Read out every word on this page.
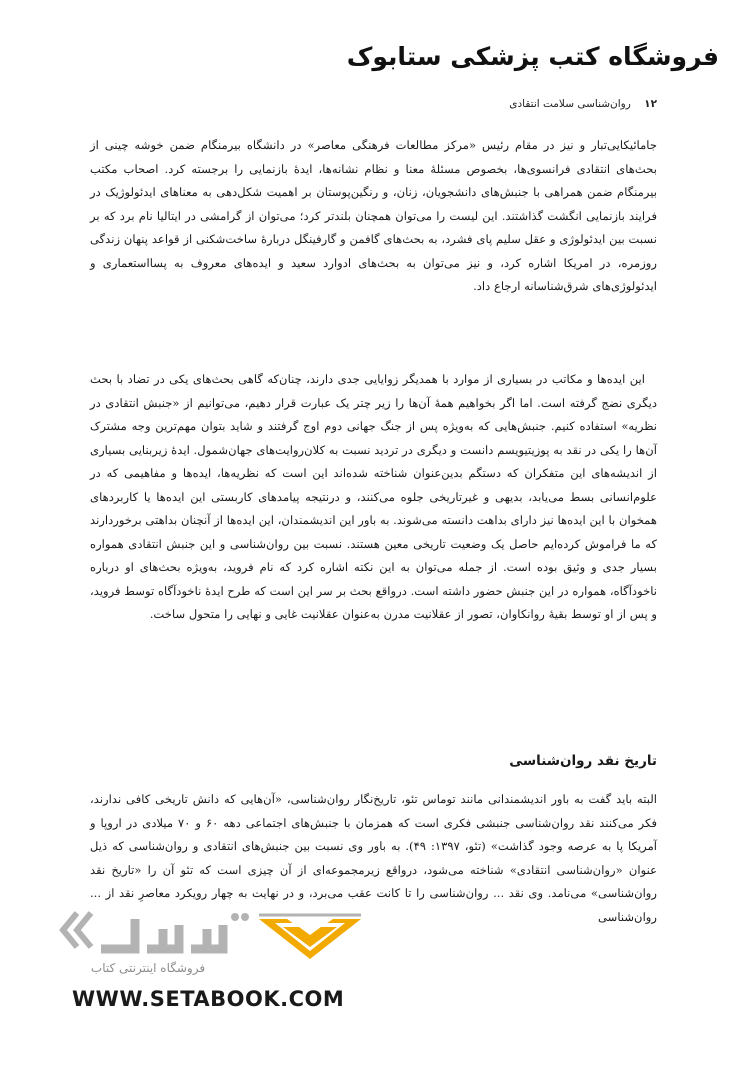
فروشگاه کتب پزشکی ستابوک
۱۲ روان‌شناسی سلامت انتقادی

جامائیکایی‌تبار و نیز در مقام رئیس «مرکز مطالعات فرهنگی معاصر» در دانشگاه بیرمنگام ضمن خوشه چینی از بحث‌های انتقادی فرانسوی‌ها، بخصوص مسئلهٔ معنا و نظام نشانه‌ها، ایدهٔ بازنمایی را برجسته کرد. اصحاب مکتب بیرمنگام ضمن همراهی با جنبش‌های دانشجویان، زنان، و رنگین‌پوستان بر اهمیت شکل‌دهی به معناهای ایدئولوژیک در فرایند بازنمایی انگشت گذاشتند. این لیست را می‌توان همچنان بلندتر کرد؛ می‌توان از گرامشی در ایتالیا نام برد که بر نسبت بین ایدئولوژی و عقل سلیم پای فشرد، به بحث‌های گافمن و گارفینگل دربارهٔ ساخت‌شکنی از قواعد پنهان زندگی روزمره، در امریکا اشاره کرد، و نیز می‌توان به بحث‌های ادوارد سعید و ایده‌های معروف به پسااستعماری و ایدئولوژی‌های شرق‌شناسانه ارجاع داد.

این ایده‌ها و مکاتب در بسیاری از موارد با همدیگر زوایایی جدی دارند، چنان‌که گاهی بحث‌های یکی در تضاد با بحث دیگری نضج گرفته است. اما اگر بخواهیم همهٔ آن‌ها را زیر چتر یک عبارت قرار دهیم، می‌توانیم از «جنبش انتقادی در نظریه» استفاده کنیم. جنبش‌هایی که به‌ویژه پس از جنگ جهانی دوم اوج گرفتند و شاید بتوان مهم‌ترین وجه مشترک آن‌ها را یکی در نقد به پوزیتیویسم دانست و دیگری در تردید نسبت به کلان‌روایت‌های جهان‌شمول. ایدهٔ زیربنایی بسیاری از اندیشه‌های این متفکران که دستگم بدین‌عنوان شناخته شده‌اند این است که نظریه‌ها، ایده‌ها و مفاهیمی که در علوم‌انسانی بسط می‌یابد، بدیهی و غیرتاریخی جلوه می‌کنند، و درنتیجه پیامدهای کاربستی این ایده‌ها یا کاربردهای همخوان با این ایده‌ها نیز دارای بداهت دانسته می‌شوند. به باور این اندیشمندان، این ایده‌ها از آنچنان بداهتی برخوردارند که ما فراموش کرده‌ایم حاصل یک وضعیت تاریخی معین هستند. نسبت بین روان‌شناسی و این جنبش انتقادی همواره بسیار جدی و وثیق بوده است. از جمله می‌توان به این نکته اشاره کرد که نام فروید، به‌ویژه بحث‌های او درباره ناخودآگاه، همواره در این جنبش حضور داشته است. درواقع بحث بر سر این است که طرح ایدهٔ ناخودآگاه توسط فروید، و پس از او توسط بقیهٔ روانکاوان، تصور از عقلانیت مدرن به‌عنوان عقلانیت غایی و نهایی را متحول ساخت.

تاریخ نقد روان‌شناسی

البته باید گفت به باور اندیشمندانی مانند توماس تئو، تاریخ‌نگار روان‌شناسی، «آن‌هایی که دانش تاریخی کافی ندارند، فکر می‌کنند نقد روان‌شناسی جنبشی فکری است که همزمان با جنبش‌های اجتماعی دهه ۶۰ و ۷۰ میلادی در اروپا و آمریکا پا به عرصه وجود گذاشت» (تئو، ۱۳۹۷: ۴۹). به باور وی نسبت بین جنبش‌های انتقادی و روان‌شناسی که ذیل عنوان «روان‌شناسی انتقادی» شناخته می‌شود، درواقع زیرمجموعه‌ای از آن چیزی است که تئو آن را «تاریخ نقد روان‌شناسی» می‌نامد. وی نقد ... روان‌شناسی را تا کانت عقب می‌برد، و در نهایت به چهار رویکرد معاصرِ نقد از ... روان‌شناسی

فروشگاه اینترنتی کتاب
WWW.SETABOOK.COM
